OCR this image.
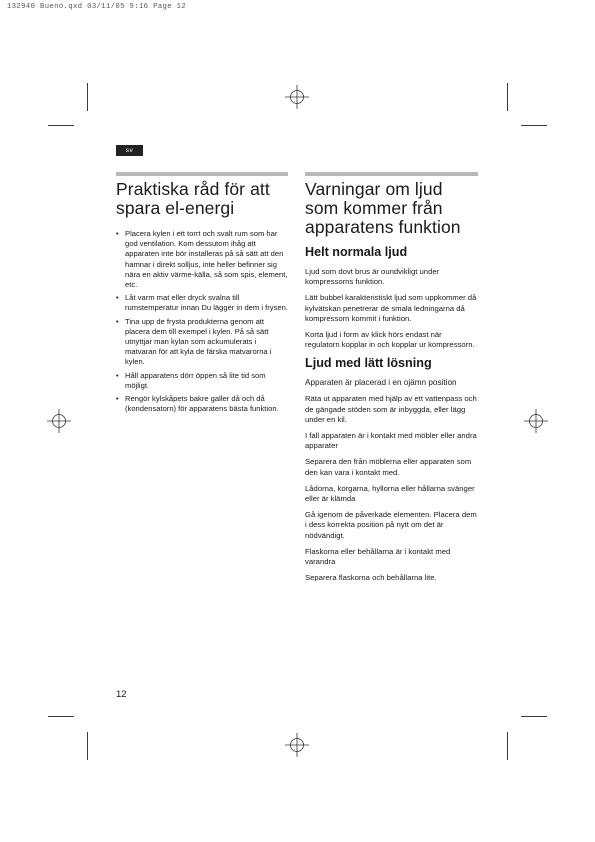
132940 Bueno.qxd 03/11/05 9:16 Page 12
sv
Praktiska råd för att spara el-energi
• Placera kylen i ett torrt och svalt rum som har god ventilation. Kom dessutom ihåg att apparaten inte bör installeras på så sätt att den hamnar i direkt solljus, inte heller befinner sig nära en aktiv värme-källa, så som spis, element, etc.
• Låt varm mat eller dryck svalna till rumstemperatur innan Du lägger in dem i frysen.
• Tina upp de frysta produkterna genom att placera dem till exempel i kylen. På så sätt utnyttjar man kylan som ackumulerats i matvaran för att kyla de färska matvarorna i kylen.
• Håll apparatens dörr öppen så lite tid som möjligt.
• Rengör kylskåpets bakre galler då och då (kondensatorn) för apparatens bästa funktion.
Varningar om ljud som kommer från apparatens funktion
Helt normala ljud

Ljud som dovt brus är oundvikligt under kompressorns funktion.

Lätt bubbel karakteristiskt ljud som uppkommer då kylvätskan penetrerar de smala ledningarna då kompressorn kommit i funktion.

Korta ljud i form av klick hörs endast när regulatorn kopplar in och kopplar ur kompressorn.

Ljud med lätt lösning

Apparaten är placerad i en ojämn position

Räta ut apparaten med hjälp av ett vattenpass och de gängade stöden som är inbyggda, eller lägg under en kil.

I fall apparaten är i kontakt med möbler eller andra apparater

Separera den från möblerna eller apparaten som den kan vara i kontakt med.

Lådorna, korgarna, hyllorna eller hållarna svänger eller är klämda

Gå igenom de påverkade elementen. Placera dem i dess korrekta position på nytt om det är nödvändigt.

Flaskorna eller behållarna är i kontakt med varandra

Separera flaskorna och behållarna lite.

12
